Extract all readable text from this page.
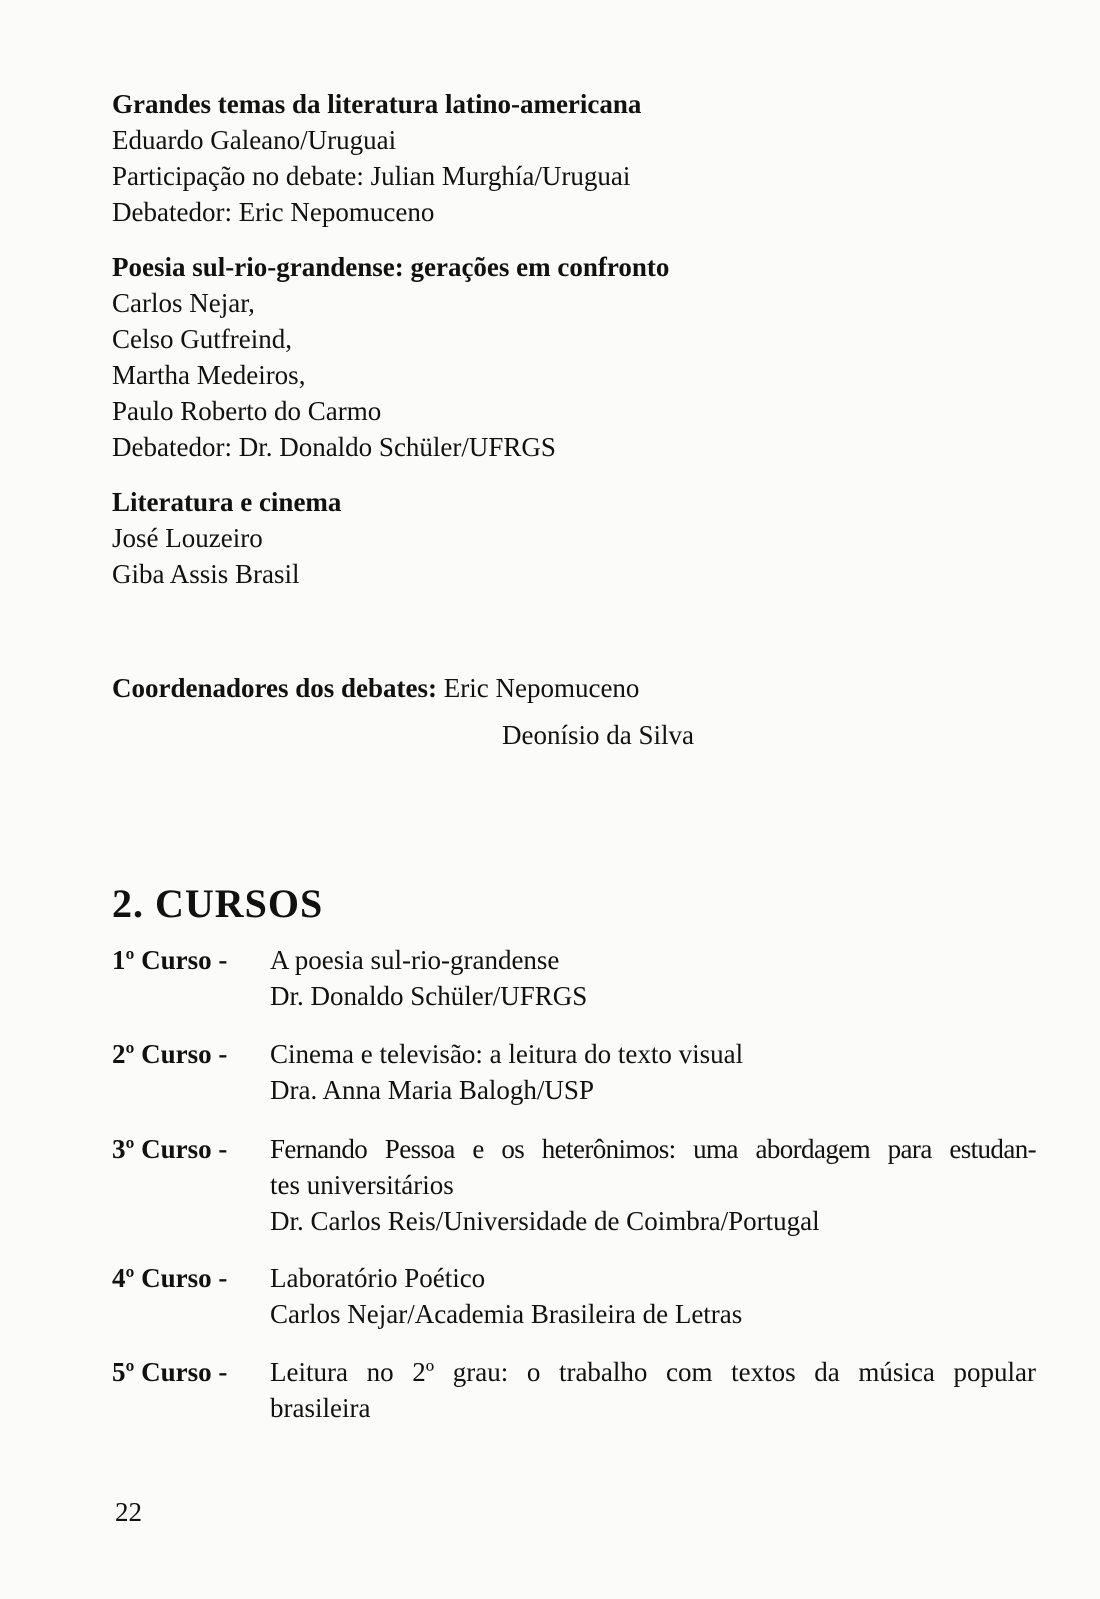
Grandes temas da literatura latino-americana
Eduardo Galeano/Uruguai
Participação no debate: Julian Murghía/Uruguai
Debatedor: Eric Nepomuceno
Poesia sul-rio-grandense: gerações em confronto
Carlos Nejar,
Celso Gutfreind,
Martha Medeiros,
Paulo Roberto do Carmo
Debatedor: Dr. Donaldo Schüler/UFRGS
Literatura e cinema
José Louzeiro
Giba Assis Brasil
Coordenadores dos debates: Eric Nepomuceno
Deonísio da Silva
2. CURSOS
1º Curso - A poesia sul-rio-grandense
Dr. Donaldo Schüler/UFRGS
2º Curso - Cinema e televisão: a leitura do texto visual
Dra. Anna Maria Balogh/USP
3º Curso - Fernando Pessoa e os heterônimos: uma abordagem para estudan-
tes universitários
Dr. Carlos Reis/Universidade de Coimbra/Portugal
4º Curso - Laboratório Poético
Carlos Nejar/Academia Brasileira de Letras
5º Curso - Leitura no 2º grau: o trabalho com textos da música popular
brasileira
22
